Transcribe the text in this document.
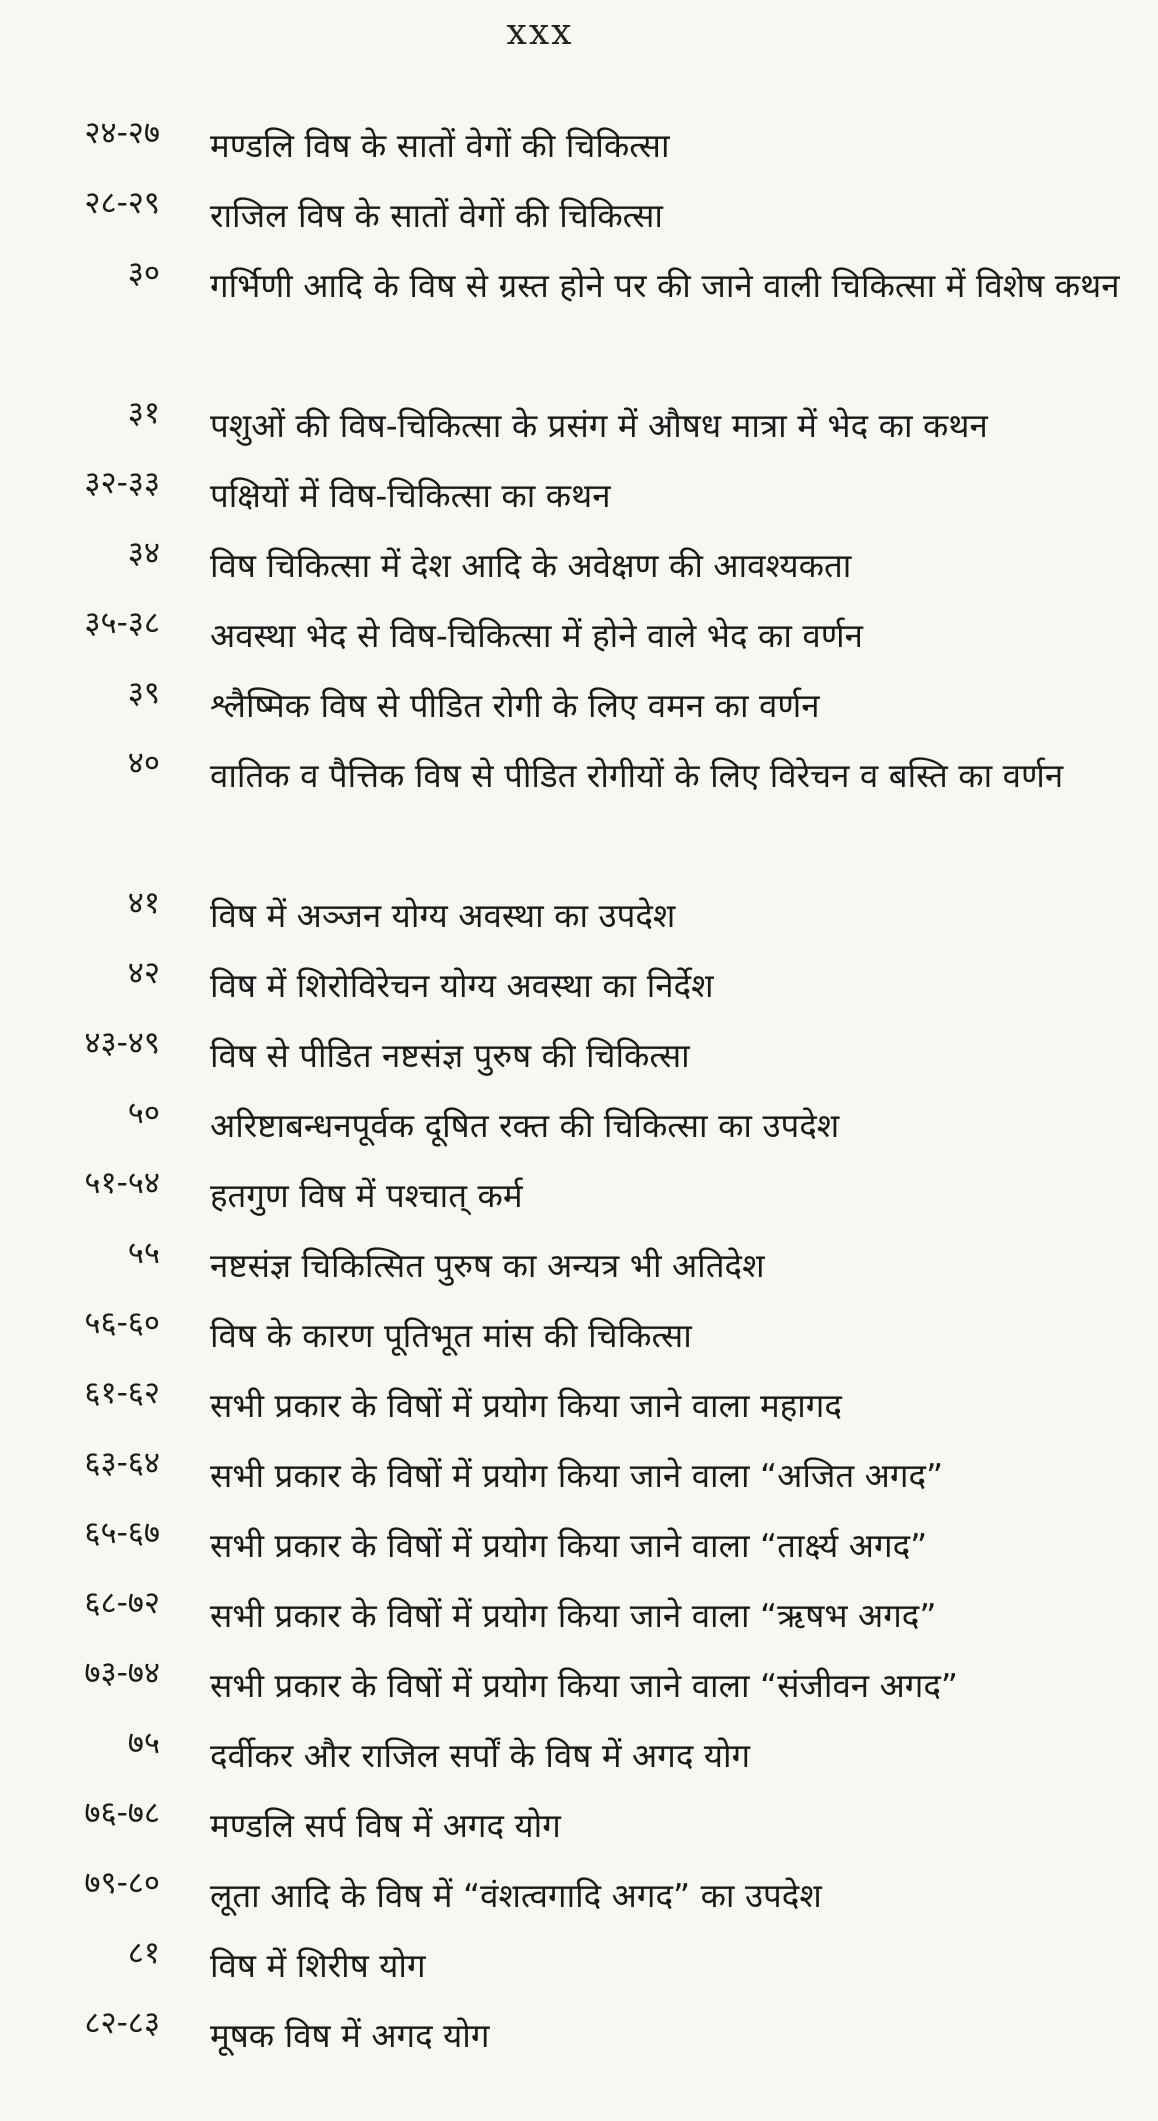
xxx
२४-२७ मण्डलि विष के सातों वेगों की चिकित्सा
२८-२९ राजिल विष के सातों वेगों की चिकित्सा
३० गर्भिणी आदि के विष से ग्रस्त होने पर की जाने वाली चिकित्सा में विशेष कथन
३१ पशुओं की विष-चिकित्सा के प्रसंग में औषध मात्रा में भेद का कथन
३२-३३ पक्षियों में विष-चिकित्सा का कथन
३४ विष चिकित्सा में देश आदि के अवेक्षण की आवश्यकता
३५-३८ अवस्था भेद से विष-चिकित्सा में होने वाले भेद का वर्णन
३९ श्लैष्मिक विष से पीडित रोगी के लिए वमन का वर्णन
४० वातिक व पैत्तिक विष से पीडित रोगीयों के लिए विरेचन व बस्ति का वर्णन
४१ विष में अञ्जन योग्य अवस्था का उपदेश
४२ विष में शिरोविरेचन योग्य अवस्था का निर्देश
४३-४९ विष से पीडित नष्टसंज्ञ पुरुष की चिकित्सा
५० अरिष्टाबन्धनपूर्वक दूषित रक्त की चिकित्सा का उपदेश
५१-५४ हतगुण विष में पश्चात् कर्म
५५ नष्टसंज्ञ चिकित्सित पुरुष का अन्यत्र भी अतिदेश
५६-६० विष के कारण पूतिभूत मांस की चिकित्सा
६१-६२ सभी प्रकार के विषों में प्रयोग किया जाने वाला महागद
६३-६४ सभी प्रकार के विषों में प्रयोग किया जाने वाला “अजित अगद”
६५-६७ सभी प्रकार के विषों में प्रयोग किया जाने वाला “तार्क्ष्य अगद”
६८-७२ सभी प्रकार के विषों में प्रयोग किया जाने वाला “ऋषभ अगद”
७३-७४ सभी प्रकार के विषों में प्रयोग किया जाने वाला “संजीवन अगद”
७५ दर्वीकर और राजिल सर्पों के विष में अगद योग
७६-७८ मण्डलि सर्प विष में अगद योग
७९-८० लूता आदि के विष में “वंशत्वगादि अगद” का उपदेश
८१ विष में शिरीष योग
८२-८३ मूषक विष में अगद योग
